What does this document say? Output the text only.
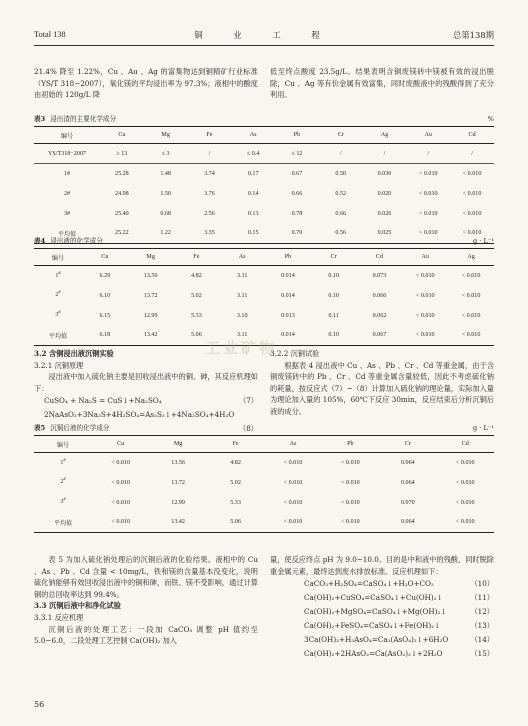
Total 138	铜 业 工 程	总第138期

21.4% 降至 1.22%，Cu 、Au 、Ag 的富集物达到铜精矿行业标准（YS/T 318−2007），氧化镁的平均浸出率为 97.3%；液相中的酸度由初始的 120g/L 降

低至终点酸度 23.5g/L。结果表明含铜废镁砖中镁被有效的浸出脱除，Cu 、Ag 等有价金属有效富集，同时废酸液中的残酸得到了充分利用。

表3 浸出渣的主要化学成分	%
编号	Cu	Mg	Fe	As	Pb	Cr	Ag	Au	Cd
YS/T318−2007	≥ 13	≤ 3	/	≤ 0.4	≤ 12	/	/	/	/
1#	25.28	1.48	3.74	0.17	0.67	0.50	0.030	< 0.010	< 0.010
2#	24.98	1.50	3.76	0.14	0.66	0.52	0.020	< 0.010	< 0.010
3#	25.40	0.68	2.56	0.13	0.78	0.66	0.026	< 0.010	< 0.010
平均值	25.22	1.22	3.35	0.15	0.70	0.56	0.025	< 0.010	< 0.010
表4 浸出液的化学成分	g · L⁻¹
编号	Cu	Mg	Fe	As	Pb	Cr	Cd	Au	Ag
1#	6.29	13.56	4.82	3.11	0.014	0.10	0.073	< 0.010	< 0.010
2#	6.10	13.72	5.02	3.11	0.014	0.10	0.066	< 0.010	< 0.010
3#	6.15	12.99	5.33	3.10	0.013	0.11	0.062	< 0.010	< 0.010
平均值	6.18	13.42	5.06	3.11	0.014	0.10	0.067	< 0.010	< 0.010

3.2 含铜浸出液沉铜实验

3.2.1 沉铜原理

浸出液中加入硫化钠主要是回收浸出液中的铜、砷，其反应机理如下：

CuSO₄ + Na₂S = CuS↓+Na₂SO₄	（7）
2NaAsO₂+3Na₂S+4H₂SO₄=As₂S₃↓+4Na₂SO₄+4H₂O
（8）

3.2.2 沉铜试验

根据表 4 浸出液中 Cu 、As 、Pb 、Cr 、Cd 等重金属，由于含铜废镁砖中的 Pb 、Cr 、Cd 等重金属含量较低，因此不考虑硫化钠的耗量，按反应式（7）~（8）计算加入硫化钠的理论量，实际加入量为理论加入量的 105%，60℃下反应 30min，反应结束后分析沉铜后液的成分。

表5 沉铜后液的化学成分	g · L⁻¹
编号	Cu	Mg	Fe	As	Pb	Cr	Cd
1#	< 0.010	13.56	4.82	< 0.010	< 0.010	0.064	< 0.010
2#	< 0.010	13.72	5.02	< 0.010	< 0.010	0.064	< 0.010
3#	< 0.010	12.99	5.33	< 0.010	< 0.010	0.070	< 0.010
平均值	< 0.010	13.42	5.06	< 0.010	< 0.010	0.064	< 0.010

表 5 为加入硫化钠处理后的沉铜后液的化验结果。液相中的 Cu 、As 、Pb 、Cd 含量 < 10mg/L，铁和镁的含量基本没变化，说明硫化钠能够有效回收浸出液中的铜和砷，而铁、镁不受影响，通过计算铜的总回收率达到 99.4%。

3.3 沉铜后液中和净化试验

3.3.1 反应机理

沉铜后液的处理工艺：一段加 CaCO₃ 调整 pH 值约至 5.0~6.0，二段处理工艺控制 Ca(OH)₂ 加入

量，使反应终点 pH 为 9.0~10.0。目的是中和液中的残酸，同时脱除重金属元素，最终达到废水排放标准。反应机理如下：

CaCO₃+H₂SO₄=CaSO₄↓+H₂O+CO₂	（10）
Ca(OH)₂+CuSO₄=CaSO₄↓+Cu(OH)₂↓	（11）
Ca(OH)₂+MgSO₄=CaSO₄↓+Mg(OH)₂↓	（12）
Ca(OH)₂+FeSO₄=CaSO₄↓+Fe(OH)₂↓	（13）
3Ca(OH)₂+H₃AsO₄=Ca₃(AsO₄)₂↓+6H₂O	（14）
Ca(OH)₂+2HAsO₂=Ca(AsO₂)₂↓+2H₂O	（15）
工业矿物
56
